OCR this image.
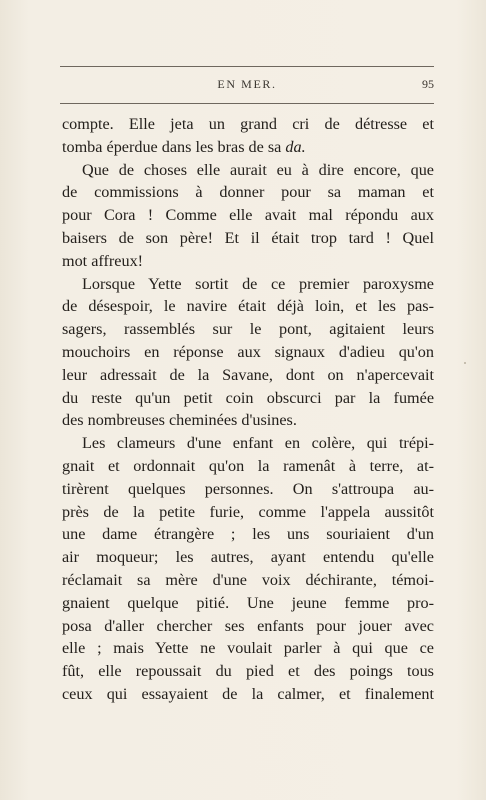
EN MER.	95
compte. Elle jeta un grand cri de détresse et
tomba éperdue dans les bras de sa da.
Que de choses elle aurait eu à dire encore, que
de commissions à donner pour sa maman et
pour Cora ! Comme elle avait mal répondu aux
baisers de son père! Et il était trop tard ! Quel
mot affreux!
Lorsque Yette sortit de ce premier paroxysme
de désespoir, le navire était déjà loin, et les pas-
sagers, rassemblés sur le pont, agitaient leurs
mouchoirs en réponse aux signaux d'adieu qu'on
leur adressait de la Savane, dont on n'apercevait
du reste qu'un petit coin obscurci par la fumée
des nombreuses cheminées d'usines.
Les clameurs d'une enfant en colère, qui trépi-
gnait et ordonnait qu'on la ramenât à terre, at-
tirèrent quelques personnes. On s'attroupa au-
près de la petite furie, comme l'appela aussitôt
une dame étrangère ; les uns souriaient d'un
air moqueur; les autres, ayant entendu qu'elle
réclamait sa mère d'une voix déchirante, témoi-
gnaient quelque pitié. Une jeune femme pro-
posa d'aller chercher ses enfants pour jouer avec
elle ; mais Yette ne voulait parler à qui que ce
fût, elle repoussait du pied et des poings tous
ceux qui essayaient de la calmer, et finalement
